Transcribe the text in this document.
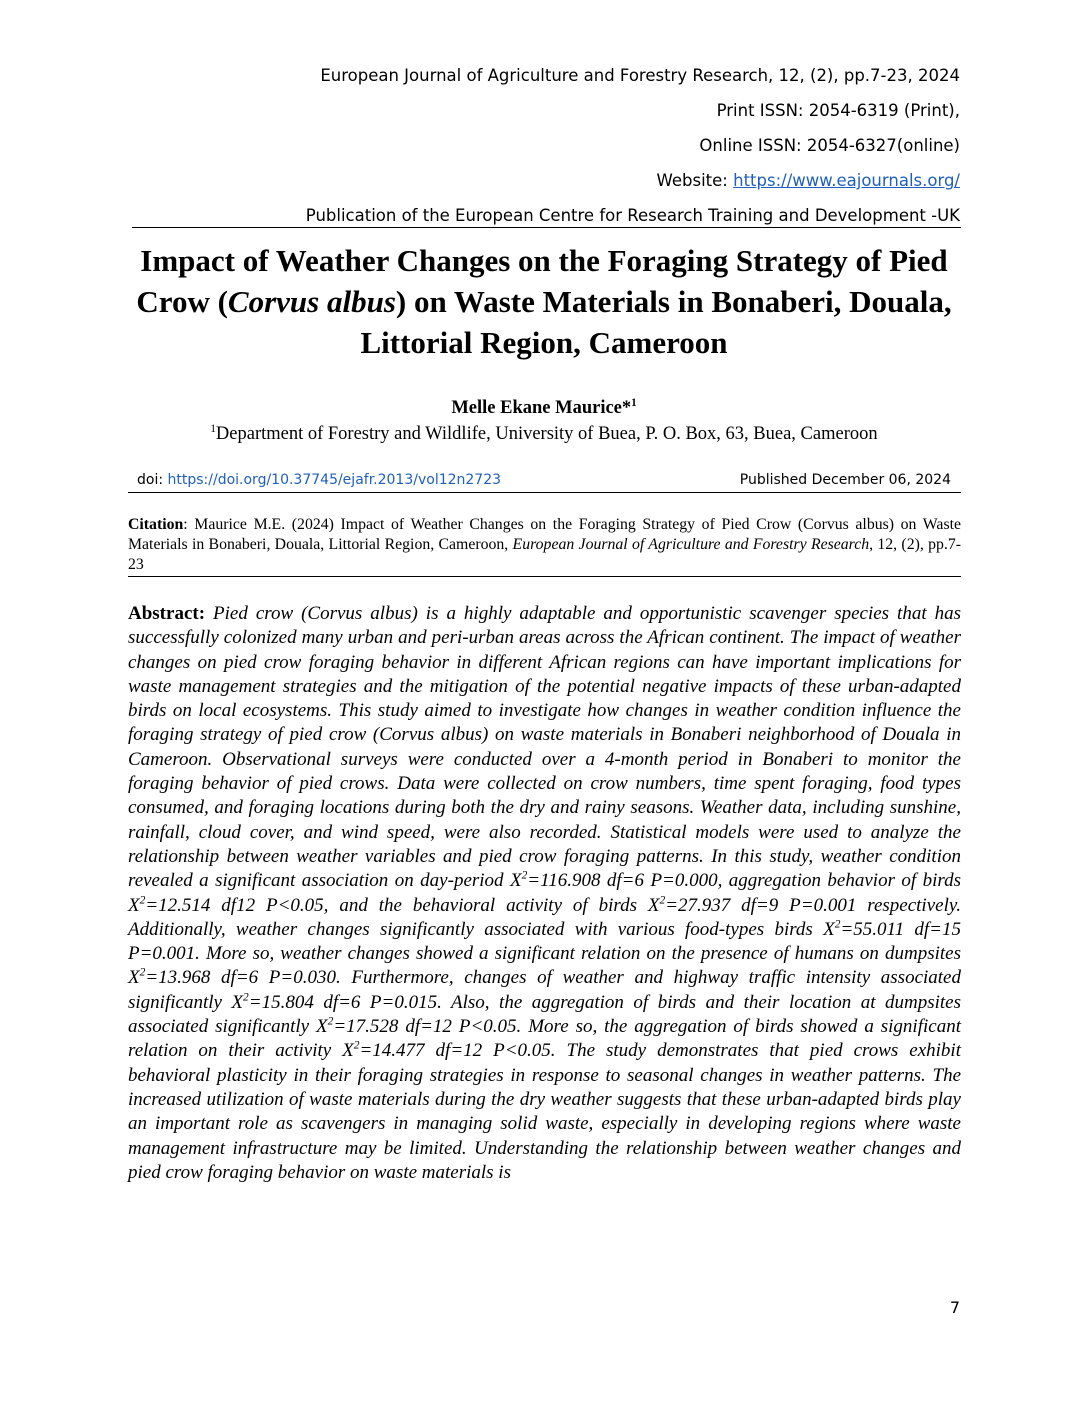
European Journal of Agriculture and Forestry Research, 12, (2), pp.7-23, 2024
Print ISSN: 2054-6319 (Print),
Online ISSN: 2054-6327(online)
Website: https://www.eajournals.org/
Publication of the European Centre for Research Training and Development -UK
Impact of Weather Changes on the Foraging Strategy of Pied Crow (Corvus albus) on Waste Materials in Bonaberi, Douala, Littorial Region, Cameroon
Melle Ekane Maurice*$^1$
$^1$Department of Forestry and Wildlife, University of Buea, P. O. Box, 63, Buea, Cameroon
doi: https://doi.org/10.37745/ejafr.2013/vol12n2723	Published December 06, 2024
Citation: Maurice M.E. (2024) Impact of Weather Changes on the Foraging Strategy of Pied Crow (Corvus albus) on Waste Materials in Bonaberi, Douala, Littorial Region, Cameroon, European Journal of Agriculture and Forestry Research, 12, (2), pp.7-23
Abstract: Pied crow (Corvus albus) is a highly adaptable and opportunistic scavenger species that has successfully colonized many urban and peri-urban areas across the African continent. The impact of weather changes on pied crow foraging behavior in different African regions can have important implications for waste management strategies and the mitigation of the potential negative impacts of these urban-adapted birds on local ecosystems. This study aimed to investigate how changes in weather condition influence the foraging strategy of pied crow (Corvus albus) on waste materials in Bonaberi neighborhood of Douala in Cameroon. Observational surveys were conducted over a 4-month period in Bonaberi to monitor the foraging behavior of pied crows. Data were collected on crow numbers, time spent foraging, food types consumed, and foraging locations during both the dry and rainy seasons. Weather data, including sunshine, rainfall, cloud cover, and wind speed, were also recorded. Statistical models were used to analyze the relationship between weather variables and pied crow foraging patterns. In this study, weather condition revealed a significant association on day-period $X^2=116.908$ df=6 P=0.000, aggregation behavior of birds $X^2=12.514$ df12 P<0.05, and the behavioral activity of birds $X^2=27.937$ df=9 P=0.001 respectively. Additionally, weather changes significantly associated with various food-types birds $X^2=55.011$ df=15 P=0.001. More so, weather changes showed a significant relation on the presence of humans on dumpsites $X^2=13.968$ df=6 P=0.030. Furthermore, changes of weather and highway traffic intensity associated significantly $X^2=15.804$ df=6 P=0.015. Also, the aggregation of birds and their location at dumpsites associated significantly $X^2=17.528$ df=12 P<0.05. More so, the aggregation of birds showed a significant relation on their activity $X^2=14.477$ df=12 P<0.05. The study demonstrates that pied crows exhibit behavioral plasticity in their foraging strategies in response to seasonal changes in weather patterns. The increased utilization of waste materials during the dry weather suggests that these urban-adapted birds play an important role as scavengers in managing solid waste, especially in developing regions where waste management infrastructure may be limited. Understanding the relationship between weather changes and pied crow foraging behavior on waste materials is
7
